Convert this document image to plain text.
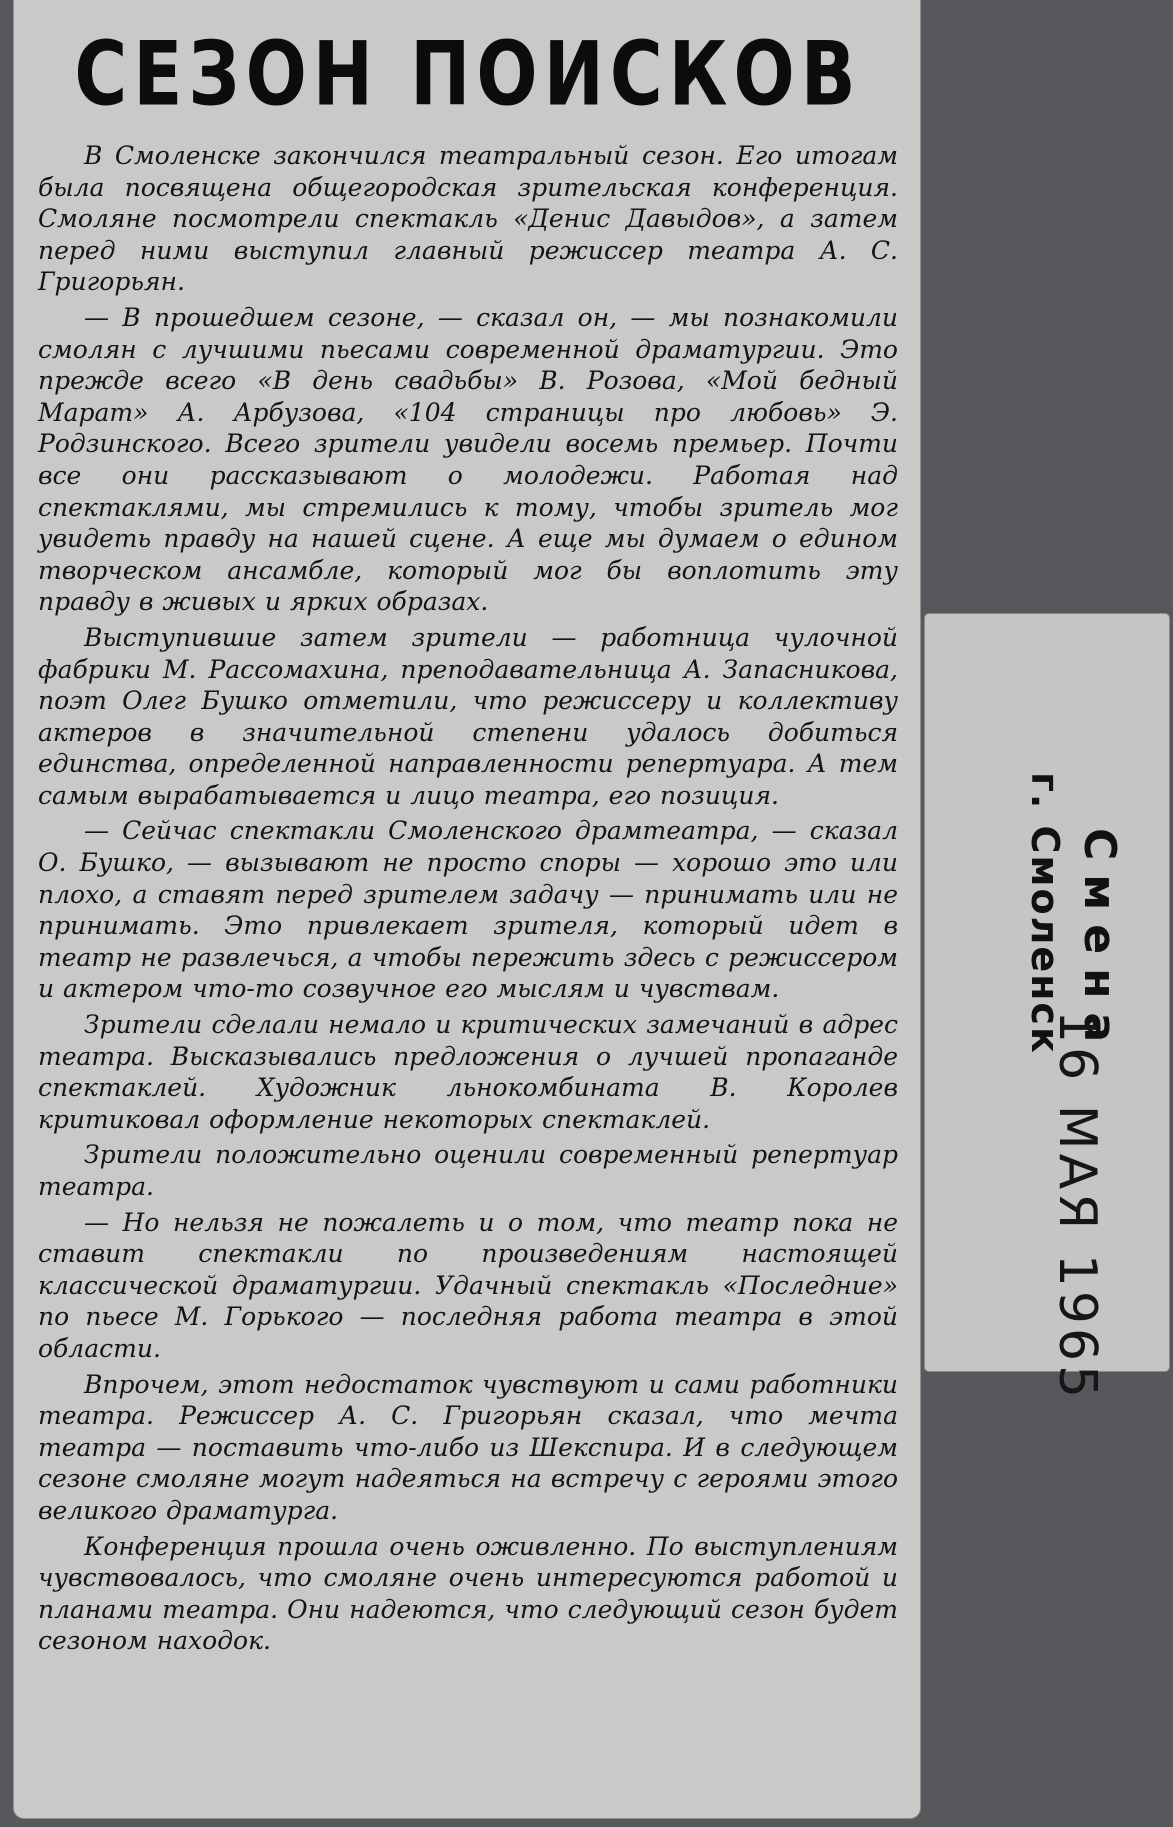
СЕЗОН ПОИСКОВ

В Смоленске закончился театральный сезон. Его итогам была посвящена общегородская зрительская конференция. Смоляне посмотрели спектакль «Денис Давыдов», а затем перед ними выступил главный режиссер театра А. С. Григорьян.

— В прошедшем сезоне, — сказал он, — мы познакомили смолян с лучшими пьесами современной драматургии. Это прежде всего «В день свадьбы» В. Розова, «Мой бедный Марат» А. Арбузова, «104 страницы про любовь» Э. Родзинского. Всего зрители увидели восемь премьер. Почти все они рассказывают о молодежи. Работая над спектаклями, мы стремились к тому, чтобы зритель мог увидеть правду на нашей сцене. А еще мы думаем о едином творческом ансамбле, который мог бы воплотить эту правду в живых и ярких образах.

Выступившие затем зрители — работница чулочной фабрики М. Рассомахина, преподавательница А. Запасникова, поэт Олег Бушко отметили, что режиссеру и коллективу актеров в значительной степени удалось добиться единства, определенной направленности репертуара. А тем самым вырабатывается и лицо театра, его позиция.

— Сейчас спектакли Смоленского драмтеатра, — сказал О. Бушко, — вызывают не просто споры — хорошо это или плохо, а ставят перед зрителем задачу — принимать или не принимать. Это привлекает зрителя, который идет в театр не развлечься, а чтобы пережить здесь с режиссером и актером что-то созвучное его мыслям и чувствам.

Зрители сделали немало и критических замечаний в адрес театра. Высказывались предложения о лучшей пропаганде спектаклей. Художник льнокомбината В. Королев критиковал оформление некоторых спектаклей.

Зрители положительно оценили современный репертуар театра.

— Но нельзя не пожалеть и о том, что театр пока не ставит спектакли по произведениям настоящей классической драматургии. Удачный спектакль «Последние» по пьесе М. Горького — последняя работа театра в этой области.

Впрочем, этот недостаток чувствуют и сами работники театра. Режиссер А. С. Григорьян сказал, что мечта театра — поставить что-либо из Шекспира. И в следующем сезоне смоляне могут надеяться на встречу с героями этого великого драматурга.

Конференция прошла очень оживленно. По выступлениям чувствовалось, что смоляне очень интересуются работой и планами театра. Они надеются, что следующий сезон будет сезоном находок.

Смена
г. Смоленск
16 МАЯ 1965
